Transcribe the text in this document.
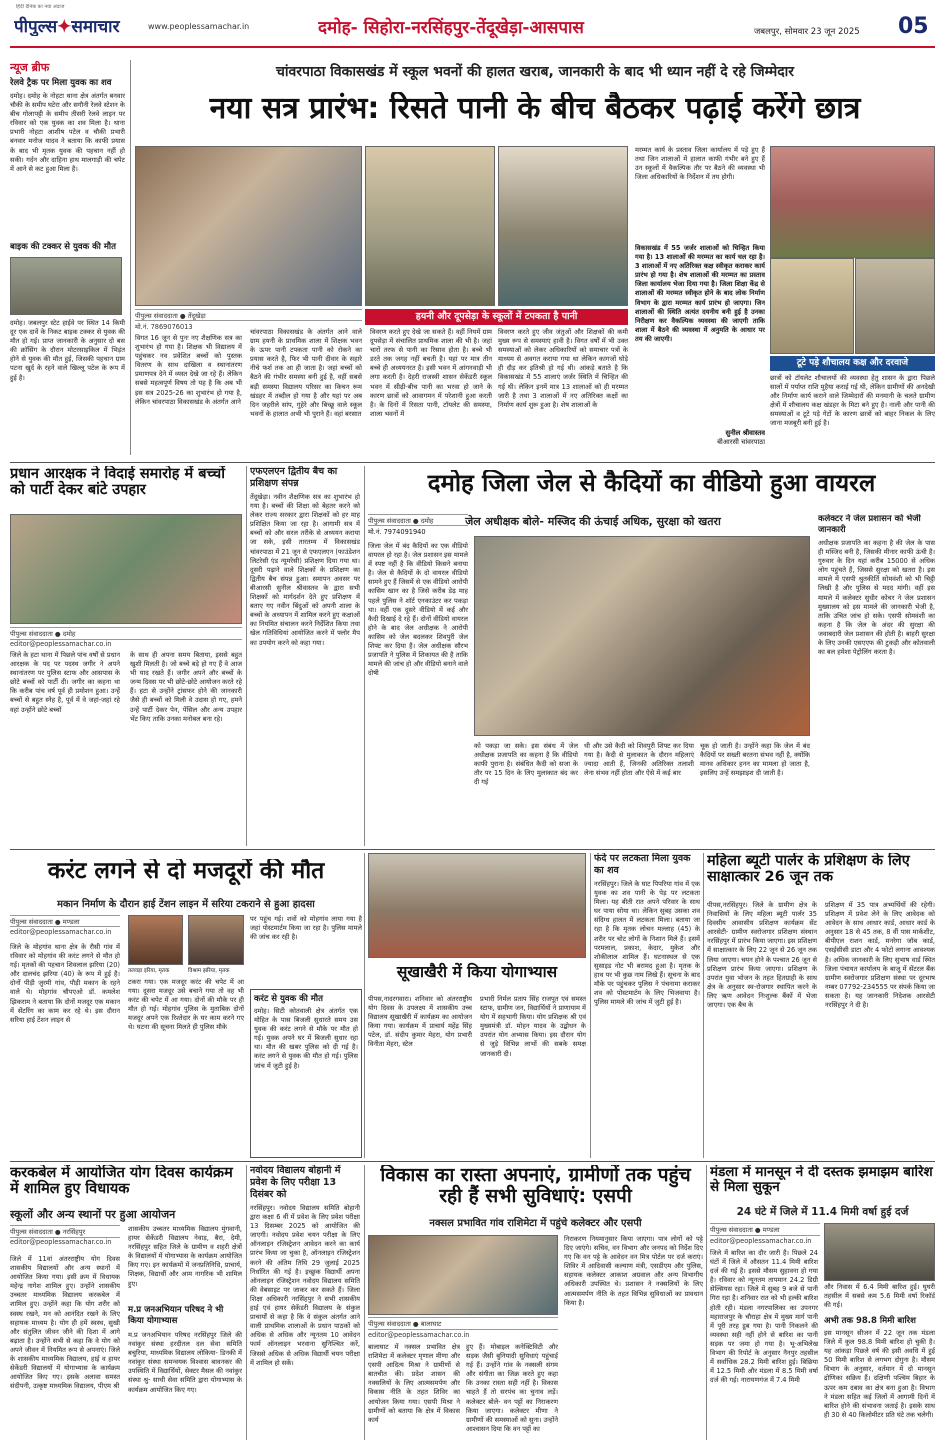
पीपुल्स✦समाचार
हिंदी दैनिक का नया अंदाज
www.peoplessamachar.in	दमोह- सिहोरा-नरसिंहपुर-तेंदूखेड़ा-आसपास	जबलपुर, सोमवार 23 जून 2025	05
न्यूज ब्रीफ
रेलवे ट्रैक पर मिला युवक का शव
दमोह। दमोह के नोहटा थाना क्षेत्र अंतर्गत बनवार चौकी के समीप घटेरा और सगौनी रेलवे स्टेशन के बीच गोलापट्टी के समीप तीसरी रेलवे लाइन पर रविवार को एक युवक का शव मिला है। थाना प्रभारी नोहटा आशीष पटेल व चौकी प्रभारी बनवार मनोज यादव ने बताया कि काफी प्रयास के बाद भी मृतक युवक की पहचान नहीं हो सकी। गर्दन और दाहिना हाथ मालगाड़ी की चपेट में आने से कट हुआ मिला है।
बाइक की टक्कर से युवक की मौत
दमोह। जबलपुर स्टेट हाईवे पर स्थित 14 किमी दूर एक दावें के निकट बाइक टक्कर से युवक की मौत हो गई। प्राप्त जानकारी के अनुसार दो बस की क्रॉसिंग के दौरान मोटरसाइकिल में भिड़ंत होने से युवक की मौत हुई, जिसकी पहचान ग्राम पटना खुर्द के रहने वाले खिल्लू पटेल के रूप में हुई है।
चांवरपाठा विकासखंड में स्कूल भवनों की हालत खराब, जानकारी के बाद भी ध्यान नहीं दे रहे जिम्मेदार
नया सत्र प्रारंभ: रिसते पानी के बीच बैठकर पढ़ाई करेंगे छात्र
पीपुल्स संवाददाता ● तेंदूखेड़ा
मो.नं. 7869076013
हयनी और दूपसेड़ा के स्कूलों में टपकता है पानी
विगत 16 जून से पुनः नए शैक्षणिक सत्र का शुभारंभ हो गया है। शिक्षक भी विद्यालय में पहुंचकर नव प्रवेशित बच्चों को पुस्तक वितरण के साथ दाखिला व स्थानांतरण प्रमाणपत्र देने में व्यस्त देखे जा रहे हैं। लेकिन सबसे महत्वपूर्ण विषय तो यह है कि अब भी इस सत्र 2025-26 का शुभारंभ हो गया है, लेकिन चांवरपाठा विकासखंड के अंतर्गत आने
चांवरपाठा विकासखंड के अंतर्गत आने वाले ग्राम हयनी के प्राथमिक शाला में शिक्षक भवन के ऊपर पानी टपकता पानी को रोकने का प्रयास करते है, फिर भी पानी दीवार के सहारे नीचे फर्श तक आ ही जाता है। जहां बच्चों को बैठने की गंभीर समस्या बनी हुई है, वहीं सबसे बड़ी समस्या विद्यालय परिसर का किचन रूम खंडहर में तब्दील हो गया है और यहां पर अब दिन जहरीले सांप, गुहेरे और बिच्छू वाले स्कूल भवनों के हालात अभी भी पुराने हैं। वहां बरसात
विवरण करते हुए देखे जा सकते हैं। वहीं नियमें ग्राम दूपसेड़ा में संचालित प्राथमिक शाला की भी है। जहां चारों तरफ से पानी का रिसाव होता है। बच्चे भी डरते तक जगह नहीं बचती है। यहां पर मात्र तीन बच्चे ही अध्ययनरत है। इसी भवन में आंगनवाड़ी भी लगा करती है। देहरी राजस्वी शासन सेकेंडरी स्कूल भवन में सीढ़ी-बीच पानी का भरवा हो जाने के कारण छात्रों को आवागमन में परेशानी हुआ करती है। के दिनों में रिसता पानी, टॉयलेट की समस्या, शाला भवनों में
विवरण करते हुए जीव जंतुओं और शिक्षकों की कमी मुख्य रूप से समस्याएं हावी है। विगत वर्षों में भी उक्त समस्याओं को लेकर अधिकारियों को समाचार पत्रों के माध्यम से अवगत कराया गया था लेकिन कागजों घोड़े ही दौड़ कर इतिश्री हो गई थी। आंकड़े बताते है कि विकासखंड में 55 शालाएं जर्जर स्थिति में चिन्हित की गई थी। लेकिन इनमें मात्र 13 शालाओं को ही मरम्मत जारी है तथा 3 शालाओं में नए अतिरिक्त कक्षों का निर्माण कार्य शुरू हुआ है। शेष शालाओं के
मरम्मत कार्य के प्रस्ताव जिला कार्यालय में पड़े हुए हैं तथा जिन शालाओं में हालात काफी गंभीर बने हुए हैं उन स्कूलों में वैकल्पिक तौर पर बैठने की व्यवस्था भी जिला अधिकारियों के निर्देशन में तय होगी।
विकासखंड में 55 जर्जर शालाओं को चिन्हित किया गया है। 13 शालाओं की मरम्मत का कार्य चल रहा है। 3 शालाओं में नए अतिरिक्त कक्ष स्वीकृत कराकर कार्य प्रारंभ हो गया है। शेष शालाओं की मरम्मत का प्रस्ताव जिला कार्यालय भेजा दिया गया है। जिला शिक्षा केंद्र से शालाओं की मरम्मत स्वीकृत होने के बाद लोक निर्माण विभाग के द्वारा मरम्मत कार्य प्रारंभ हो जाएगा। जिन शालाओं की स्थिति अत्यंत दयनीय बनी हुई है उनका निरीक्षण कर वैकल्पिक व्यवस्था की जाएगी ताकि शाला में बैठने की व्यवस्था में अनुमति के आधार पर तय की जाएगी।
सुनील श्रीवास्तव
बीआरसी चांवरपाठा
टूटे पड़े शौचालय कक्ष और दरवाजे
छात्रों को टॉयलेट शौचालयों की व्यवस्था हेतु शासन के द्वारा पिछले सालों में पर्याप्त राशि मुहैया कराई गई थी, लेकिन ग्रामीणों की अनदेखी और निर्माण कार्य कराने वाले जिम्मेदारों की मनमानी के चलते ग्रामीण क्षेत्रों में शौचालय कक्ष खंडहर के मिटा बने हुए है। नाली और पानी की समस्याओं व टूटे पड़े गेटों के कारण छात्रों को बाहर निकल के लिए जाना मजबूरी बनी हुई है।
प्रधान आरक्षक ने विदाई समारोह में बच्चों को पार्टी देकर बांटे उपहार
पीपुल्स संवाददाता ● दमोह
editor@peoplessamachar.co.in
जिले के हटा थाना में पिछले पांच वर्षों से प्रधान आरक्षक के पद पर पदस्थ जगीर ने अपने स्थानांतरण पर पुलिस स्टाफ और आसपास के छोटे बच्चों को पार्टी दी। जगीर का कहना था कि करीब पांच वर्ष पूर्व ही प्रमोशन हुआ। उन्हें बच्चों से बहुत स्नेह है, पूर्व में वे जहां-जहां रहे वहां उन्होंने छोटे बच्चों
के साथ ही अपना समय बिताया, इससे बहुत खुशी मिलती है। जो बच्चे बड़े हो गए हैं वे आज भी याद रखते हैं। जगीर अपने और बच्चों के जन्म दिवस पर भी छोटे-छोटे आयोजन करते रहे हैं। हटा से उन्होंने ट्रांसफर होने की जानकारी जैसे ही बच्चों को मिली वे उदास हो गए, हमने उन्हें पार्टी देकर पेन, पेंसिल और अन्य उपहार भेंट किए ताकि उनका मनोबल बना रहे।
एफएलएन द्वितीय बैच का प्रशिक्षण संपन्न
तेंदूखेड़ा। नवीन शैक्षणिक सत्र का शुभारंभ हो गया है। बच्चों की शिक्षा को बेहतर करने को लेकर राज्य सरकार द्वारा शिक्षकों को हर माह प्रशिक्षित किया जा रहा है। आगामी सत्र में बच्चों को और सरल तरीके से अध्ययन कराया जा सके, इसी तारतम्य में विकासखंड चांवरपाठा में 21 जून से एफएलएन (फाउंडेशन लिटरेसी एंड न्यूमरेसी) प्रशिक्षण दिया गया था। दूसरी पढ़ाने वाले शिक्षकों के प्रशिक्षण का द्वितीय बैच संपन्न हुआ। समापन अवसर पर बीआरसी सुनील श्रीवास्तव के द्वारा सभी शिक्षकों को मार्गदर्शन देते हुए प्रशिक्षण में बताए गए नवीन बिंदुओं को अपनी शाला के बच्चों के अध्यापन में शामिल करने हुए कक्षाओं का नियमित संचालन करने निर्देशित किया तथा खेल गतिविधियां आयोजित करने में फ्लोर मैप का उपयोग करने को कहा गया।
दमोह जिला जेल से कैदियों का वीडियो हुआ वायरल
जेल अधीक्षक बोले- मस्जिद की ऊंचाई अधिक, सुरक्षा को खतरा
पीपुल्स संवाददाता ● दमोह
मो.नं. 7974091940
जिला जेल में बंद कैदियों का एक वीडियो वायरल हो रहा है। जेल प्रशासन इस मामले में स्पष्ट नहीं है कि वीडियो किसने बनाया है। जेल से कैदियों के दो वायरल वीडियो सामने हुए हैं जिसमें से एक वीडियो आरोपी कासिम खान का है जिसे करीब डेढ़ माह पहले पुलिस ने शॉर्ट एनकाउंटर कर पकड़ा था। वहीं एक दूसरे वीडियो में कई और कैदी दिखाई दे रहे हैं। दोनों वीडियो वायरल होने के बाद जेल अधीक्षक ने आरोपी कासिम को जेल बदलकर शिवपुरी जेल शिफ्ट कर दिया है। जेल अधीक्षक सौरभ प्रजापति ने पुलिस में शिकायत की है ताकि मामले की जांच हो और वीडियो बनाने वाले दोषी
को पकड़ा जा सके। इस संबंध में जेल अधीक्षक प्रजापति का कहना है कि वीडियो काफी पुराना है। संबंधित कैदी को सजा के तौर पर 15 दिन के लिए मुलाकात बंद कर दी गई
थी और उसे कैदी को शिवपुरी शिफ्ट कर दिया गया है। कैदी से मुलाकात के दौरान महिलाएं ज्यादा आती हैं, जिनकी अतिरिक्त तलाशी लेना संभव नहीं होता और ऐसे में कई बार
चूक हो जाती है। उन्होंने कहा कि जेल में बंद कैदियों पर सख्ती बरतना संभव नहीं है, क्योंकि मानव अधिकार हनन का मामला हो जाता है, इसलिए उन्हें समझाइश दी जाती है।
कलेक्टर ने जेल प्रशासन को भेजी जानकारी
अधीक्षक प्रजापति का कहना है की जेल के पास ही मस्जिद बनी है, जिसकी मीनार काफी ऊंची है। गुरुवार के दिन यहां करीब 15000 से अधिक लोग पहुंचते हैं, जिससे सुरक्षा को खतरा है। इस मामले में एसपी श्रुतकीर्ति सोमवंशी को भी चिट्ठी लिखी है और पुलिस से मदद मांगी। वहीं इस मामले में कलेक्टर सुधीर कोचर ने जेल प्रशासन मुख्यालय को इस मामले की जानकारी भेजी है, ताकि उचित जांच हो सके। एसपी सोमवंशी का कहना है कि जेल के अंदर की सुरक्षा की जवाबदारी जेल प्रशासन की होती है। बाहरी सुरक्षा के लिए उनकी एसएएफ की टुकड़ी और कोतवाली का बल हमेशा पेट्रोलिंग करता है।
करंट लगने से दो मजदूरों की मौत
मकान निर्माण के दौरान हाई टेंशन लाइन में सरिया टकराने से हुआ हादसा
पीपुल्स संवाददाता ● मण्डला
editor@peoplessamachar.co.in
जिले के मोहगांव थाना क्षेत्र के रौसी गांव में रविवार को मोहगांव की करंट लगने से मौत हो गई। मृतकों की पहचान शिवलाल झरिया (20) और दालचंद झरिया (40) के रूप में हुई है। दोनों पीड़ी जुरमी गांव, पौड़ी मकान के रहने वाले थे। मोहगांव चौपएओ डॉ. कमलेश झिकराम ने बताया कि दोनों मजदूर एक मकान में सेंटरिंग का काम कर रहे थे। इस दौरान सरिया हाई टेंशन लाइन से
तलवड़ा इरिया, मृतक	विश्राम झरिया, मृतक
टकरा गया। एक मजदूर करंट की चपेट में आ गया। दूसरा मजदूर उसे बचाने गया तो वह भी करंट की चपेट में आ गया। दोनों की मौके पर ही मौत हो गई। मोहगांव पुलिस के मुताबिक दोनों मजदूर अपने एक रिश्तेदार के घर काम करने गए थे। घटना की सूचना मिलते ही पुलिस मौके
पर पहुंच गई। शवों को मोहगांव लाया गया है जहां पोस्टमार्टम किया जा रहा है। पुलिस मामले की जांच कर रही है।
करंट से युवक की मौत
दमोह। सिटी कोतवाली क्षेत्र अंतर्गत एक मोहित के पास बिजली सुधारते समय उस युवक की करंट लगने से मौके पर मौत हो गई। युवक अपने घर में बिजली सुधार रहा था। मौत की खबर पुलिस को दी गई है। करंट लगने से युवक की मौत हो गई। पुलिस जांच में जुटी हुई है।
सूखाखैरी में किया योगाभ्यास
पीपस,नादरगवारा। शनिवार को अंतरराष्ट्रीय योग दिवस के उपलक्ष्य में शासकीय उच्च विद्यालय सूखाखैरी में कार्यक्रम का आयोजन किया गया। कार्यक्रम में प्राचार्य महेंद्र सिंह पटेल, डॉ. संदीप कुमार मेहरा, योग प्रभारी विनीता मेहरा, स्टेल
प्रभारी निर्मल प्रताप सिंह राजपूत एवं समस्त स्टाफ, ग्रामीण जन, विद्यार्थियों ने प्राणायाम में योग में सहभागी किया। योग प्रशिक्षक श्री एवं मुख्यमंत्री डॉ. मोहन यादव के उद्बोधन के उपरांत योग अभ्यास किया। इस दौरान योग से जुड़े विभिन्न लाभों की सबके समक्ष जानकारी दी।
फंदे पर लटकता मिला युवक का शव
नरसिंहपुर। जिले के घाट पिपरिया गांव में एक युवक का शव पानी के पेड़ पर लटकता मिला। यह बीती रात अपने परिवार के साथ घर पाया सोया था। लेकिन सुबह उसका शव संदिग्ध हालत में लटकता मिला। बताया जा रहा है कि मृतक लोचन मल्लाह (45) के शरीर पर चोट लोगों के निशान मिले हैं। इसमें परमलाल, प्रकाश, केदार, मुकेश और शोकीलाल शामिल हैं। घटनास्थल से एक सुसाइड नोट भी बरामद हुआ है। मृतक के हाथ पर भी कुछ नाम लिखे हैं। सूचना के बाद मौके पर पहुंचकर पुलिस ने पंचनामा कराकर शव को पोस्टमार्टम के लिए भिजवाया है। पुलिस मामले की जांच में जुटी हुई है।
महिला ब्यूटी पार्लर के प्रशिक्षण के लिए साक्षात्कार 26 जून तक
पीपस,नरसिंहपुर। जिले के ग्रामीण क्षेत्र के निवासियों के लिए महिला ब्यूटी पार्लर 35 दिवसीय आवासीय प्रशिक्षण कार्यक्रम सेंट आरसेटी- ग्रामीण स्वरोजगार प्रशिक्षण संस्थान नरसिंहपुर में प्रारंभ किया जाएगा। इस प्रशिक्षण में साक्षात्कार के लिए 22 जून से 26 जून तक लिया जाएगा। चयन होने के पश्चात 26 जून से प्रशिक्षण प्रारंभ किया जाएगा। प्रशिक्षण के उपरांत युवा भोजन के तहत हितग्राही के साथ क्षेत्र के अनुसार स्व-रोजगार स्थापित करने के लिए ऋण आवेदन निःशुल्क बैंकों में भेजा जाएगा। एक बैच के
प्रशिक्षण में 35 पात्र अभ्यर्थियों की रहेगी। प्रशिक्षण में प्रवेश लेने के लिए आवेदक को आवेदन के साथ आधार कार्ड, आधार कार्ड के अनुसार 18 से 45 तक, 8 वीं पास मार्कशीट, बीपीएल राशन कार्ड, मनरेगा जॉब कार्ड, एसईसीसी डाटा और 4 फोटो लगाना आवश्यक है। अधिक जानकारी के लिए सुभाष वार्ड स्थित जिला पंचायत कार्यालय के बाजू में सेंटरल बैंक ग्रामीण स्वरोजगार प्रशिक्षण संस्था पर दूरभाष नम्बर 07792-234555 पर संपर्क किया जा सकता है। यह जानकारी निदेशक आरसेटी नरसिंहपुर ने दी है।
करकबेल में आयोजित योग दिवस कार्यक्रम में शामिल हुए विधायक
स्कूलों और अन्य स्थानों पर हुआ आयोजन
पीपुल्स संवाददाता ● नरसिंहपुर
editor@peoplessamachar.co.in
जिले में 11वां अंतरराष्ट्रीय योग दिवस शासकीय विद्यालयों और अन्य स्थानों में आयोजित किया गया। इसी क्रम में विधायक महेन्द्र नागेश शामिल हुए। उन्होंने शासकीय उच्चतर माध्यमिक विद्यालय करकबेल में शामिल हुए। उन्होंने कहा कि योग शरीर को स्वस्थ रखने, मन को आनंदित रखने के लिए सहायक माध्यम है। योग ही हमें स्वस्थ, सुखी और संतुलित जीवन जीने की दिशा में आगे बढ़ाता है। उन्होंने सभी से कहा कि वे योग को अपने जीवन में नियमित रूप से अपनाएं। जिले के शासकीय माध्यमिक विद्यालय, हाई व हायर सेकेंडरी विद्यालयों में योगाभ्यास के कार्यक्रम आयोजित किए गए। इसके अलावा समस्त संदीपनी, उत्कृष्ट माध्यमिक विद्यालय, पीएम श्री
शासकीय उच्चतर माध्यमिक विद्यालय मुंगवानी, हायर सेकेंडरी विद्यालय नेवाड़, बैरा, देमी, नरसिंहपुर सहित जिले के ग्रामीण व शहरी क्षेत्रों के विद्यालयों में योगाभ्यास के कार्यक्रम आयोजित किए गए। इन कार्यक्रमों में जनप्रतिनिधि, प्राचार्य, शिक्षक, विद्यार्थी और आम नागरिक भी शामिल हुए।
म.प्र जनअभियान परिषद ने भी किया योगाभ्यास
म.प्र जनअभियान परिषद नरसिंहपुर जिले की नवांकुर संस्था हरदीतल दल सेवा समिति बचुरिया, माध्यमिक विद्यालय लोकिया- डिनकी में नवांकुर संस्था समन्वयक विश्वास बावनकर की उपस्थिति में विद्यार्थियों, सेक्टर मैसल की नवांकुर संस्था श्रु- साथी सेवा समिति द्वारा योगाभ्यास के कार्यक्रम आयोजित किए गए।
नवोदय विद्यालय बोहानी में प्रवेश के लिए परीक्षा 13 दिसंबर को
नरसिंहपुर। नवोदय विद्यालय समिति बोहानी द्वारा कक्षा 6 वीं में प्रवेश के लिए प्रवेश परीक्षा 13 दिसम्बर 2025 को आयोजित की जाएगी। नवोदय प्रवेश चयन परीक्षा के लिए ऑनलाइन रजिस्ट्रेशन आवेदन करने का कार्य प्रारंभ किया जा चुका है, ऑनलाइन रजिस्ट्रेशन करने की अंतिम तिथि 29 जुलाई 2025 निर्धारित की गई है। इच्छुक विद्यार्थी अपना ऑनलाइन रजिस्ट्रेशन नवोदय विद्यालय समिति की वेबसाइट पर जाकर कर सकते हैं। जिला शिक्षा अधिकारी नरसिंहपुर ने सभी शासकीय हाई एवं हायर सेकेंडरी विद्यालय के संकुल प्राचार्यों से कहा है कि वे संकुल अंतर्गत आने वाली प्राथमिक शालाओं के प्रधान पाठकों को अधिक से अधिक और न्यूनतम 10 आवेदन फार्म ऑनलाइन भरवाना सुनिश्चित करें, जिससे अधिक से अधिक विद्यार्थी चयन परीक्षा में शामिल हो सकें।
विकास का रास्ता अपनाएं, ग्रामीणों तक पहुंच रही हैं सभी सुविधाएं: एसपी
नक्सल प्रभावित गांव राशिमेटा में पहुंचे कलेक्टर और एसपी
पीपुल्स संवाददाता ● बालाघाट
editor@peoplessamachar.co.in
बालाघाट में नक्सल प्रभावित क्षेत्र राशिमेटा में कलेक्टर मृणाल मीणा और एसपी आदित्य मिश्रा ने ग्रामीणों से बातचीत की। प्रदेश शासन की नक्सलियों के लिए आत्मसमर्पण और विकास नीति के तहत शिविर का आयोजन किया गया। एसपी मिश्रा ने ग्रामीणों को बताया कि क्षेत्र में विकास कार्य
हुए हैं। मोबाइल कनेक्टिविटी और सड़क जैसी बुनियादी सुविधाएं पहुंचाई गई हैं। उन्होंने गांव के नक्सली संगम और संगीता का जिक्र करते हुए कहा कि उनका रास्ता सही नहीं है। विकास चाहते हैं तो सरपंच का चुनाव लड़ें। कलेक्टर बोले- वन पट्टों का निराकरण किया जाएगा। कलेक्टर मीणा ने ग्रामीणों की समस्याओं को सुना। उन्होंने आश्वासन दिया कि वन पट्टों का
निराकरण नियमानुसार किया जाएगा। पात्र लोगों को पट्टे दिए जाएंगे। सचिव, वन विभाग और जनपद को निर्देश दिए गए कि वन पट्टे के आवेदन वन मित्र पोर्टल पर दर्ज कराएं। शिविर में आदिवासी कल्याण मंत्री, एसडीएम और पुलिस, सहायक कलेक्टर आकाश अग्रवाल और अन्य विभागीय अधिकारी उपस्थित थे। प्रशासन ने नक्सलियों के लिए आत्मसमर्पण नीति के तहत विभिन्न सुविधाओं का प्रावधान किया है।
मंडला में मानसून ने दी दस्तक झमाझम बारिश से मिला सुकून
24 घंटे में जिले में 11.4 मिमी वर्षा हुई दर्ज
पीपुल्स संवाददाता ● मण्डला
editor@peoplessamachar.co.in
जिले में बारिश का दौर जारी है। पिछले 24 घंटों में जिले में औसतन 11.4 मिमी बारिश दर्ज की गई है। इससे मौसम सुहावना हो गया है। रविवार को न्यूनतम तापमान 24.2 डिग्री सेल्सियस रहा। जिले में सुबह 9 बजे से पानी गिरा रहा है। शनिवार रात को भी हल्की बारिश होती रही। मंडला नगरपालिका का उपनगर महाराजपुर के चौराहा क्षेत्र में मुख्य मार्ग पानी में पूरी तरह डूब गया है। पानी निकलने की व्यवस्था सही नहीं होने से बारिश का पानी सड़क पर जमा हो गया है। भू-अभिलेख विभाग की रिपोर्ट के अनुसार नैनपुर तहसील में सर्वाधिक 28.2 मिमी बारिश हुई। बिछिया में 12.5 मिमी और मंडला में 8.5 मिमी वर्षा दर्ज की गई। नारायणगंज में 7.4 मिमी
और निवास में 6.4 मिमी बारिश हुई। घुघरी तहसील में सबसे कम 5.6 मिमी वर्षा रिकॉर्ड की गई।
अभी तक 98.8 मिमी बारिश
इस मानसून सीजन में 22 जून तक मंडला जिले में कुल 98.8 मिमी बारिश हो चुकी है। यह आंकड़ा पिछले वर्ष की इसी अवधि में हुई 50 मिमी बारिश से लगभग दोगुना है। मौसम विभाग के अनुसार, वर्तमान में दो मानसून द्रोणिका सक्रिय हैं। दक्षिणी पश्चिम बिहार के ऊपर कम दबाव का क्षेत्र बना हुआ है। विभाग ने मंडला सहित कई जिलों में आगामी दिनों में बारिश होने की संभावना जताई है। इसके साथ ही 30 से 40 किलोमीटर प्रति घंटे तक चलेगी।
